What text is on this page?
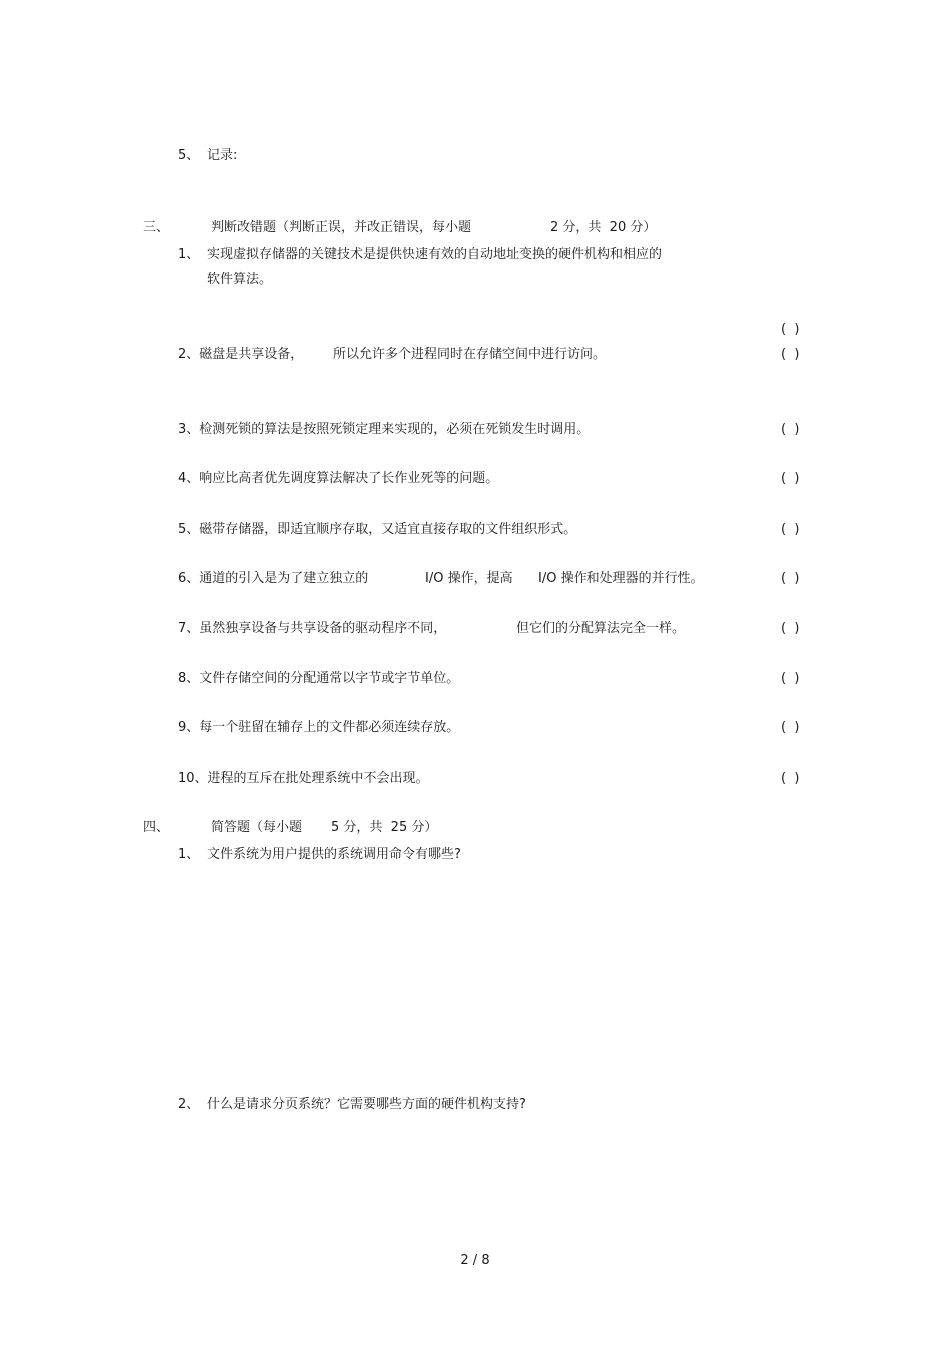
5、 记录:
三、	判断改错题（判断正误，并改正错误，每小题	2 分，共  20 分）
1、 实现虚拟存储器的关键技术是提供快速有效的自动地址变换的硬件机构和相应的
软件算法。
(  )
2、磁盘是共享设备， 所以允许多个进程同时在存储空间中进行访问。	(  )
3、检测死锁的算法是按照死锁定理来实现的，必须在死锁发生时调用。	(  )
4、响应比高者优先调度算法解决了长作业死等的问题。	(  )
5、磁带存储器，即适宜顺序存取，又适宜直接存取的文件组织形式。	(  )
6、通道的引入是为了建立独立的	I/O 操作，提高 I/O 操作和处理器的并行性。	(  )
7、虽然独享设备与共享设备的驱动程序不同，	但它们的分配算法完全一样。	(  )
8、文件存储空间的分配通常以字节或字节单位。	(  )
9、每一个驻留在辅存上的文件都必须连续存放。	(  )
10、进程的互斥在批处理系统中不会出现。	(  )
四、	简答题（每小题 5 分，共  25 分）
1、 文件系统为用户提供的系统调用命令有哪些?
2、 什么是请求分页系统？它需要哪些方面的硬件机构支持?
2 / 8
